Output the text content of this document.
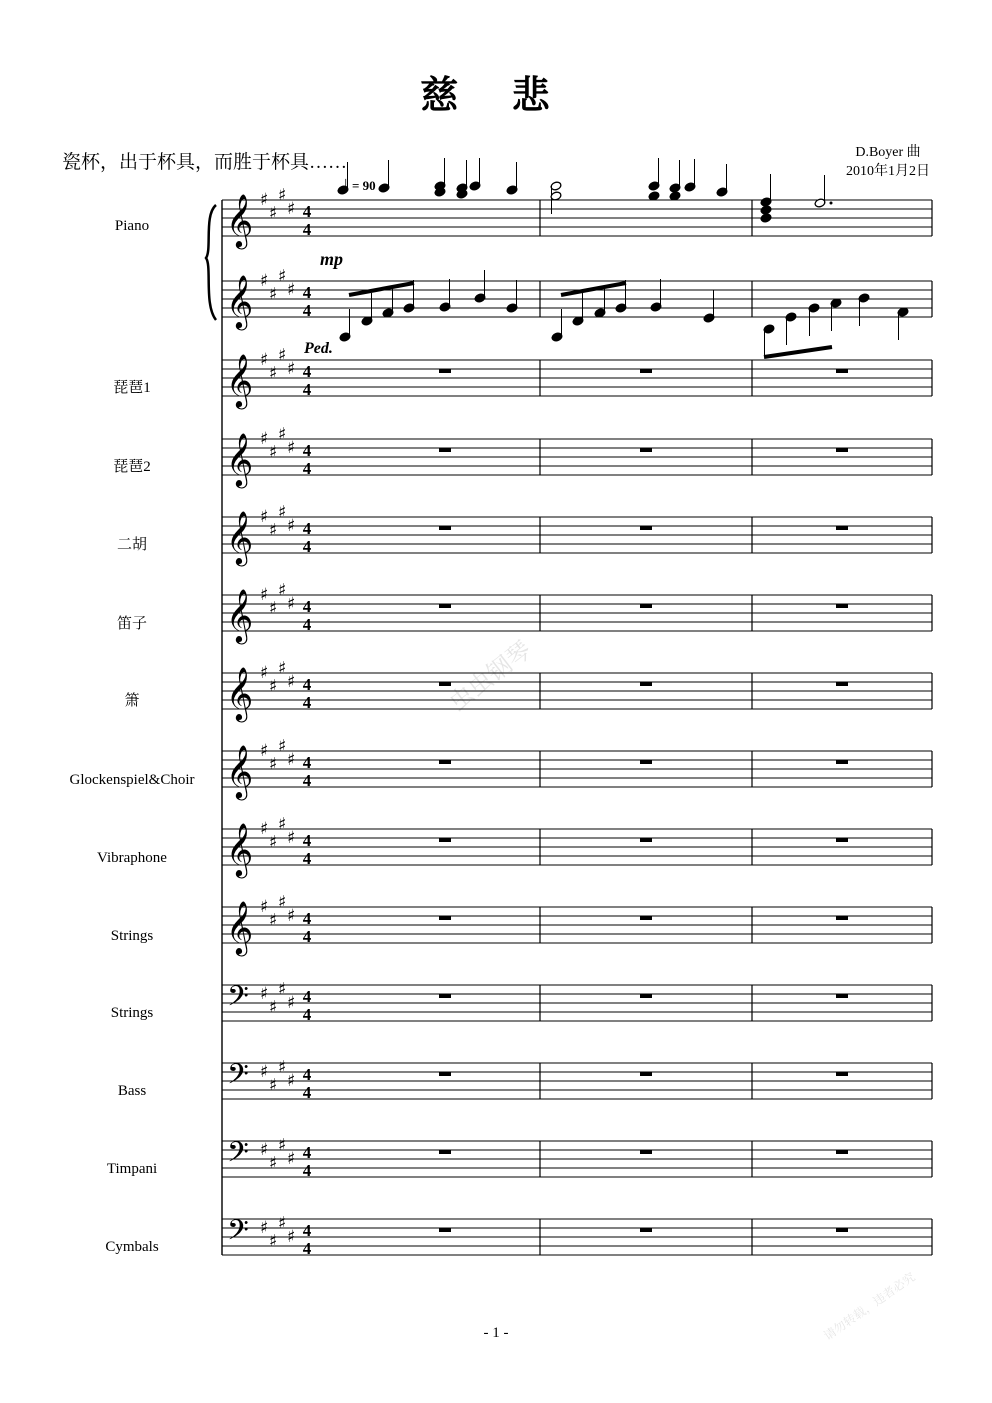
慈 悲
瓷杯，出于杯具，而胜于杯具……	D.Boyer 曲
2010年1月2日
𝄞 ♯
♯
♯
♯ 4
4
𝄞 ♯
♯
♯
♯ 4
4
𝄞 ♯
♯
♯
♯ 4
4
𝄞 ♯
♯
♯
♯ 4
4
𝄞 ♯
♯
♯
♯ 4
4
𝄞 ♯
♯
♯
♯ 4
4
𝄞 ♯
♯
♯
♯ 4
4
𝄞 ♯
♯
♯
♯ 4
4
𝄞 ♯
♯
♯
♯ 4
4
𝄞 ♯
♯
♯
♯ 4
4
𝄢 ♯
♯
♯
♯ 4
4
𝄢 ♯
♯
♯
♯ 4
4
𝄢 ♯
♯
♯
♯ 4
4
𝄢 ♯
♯
♯
♯ 4
4
Piano
琵琶1
琵琶2
二胡
笛子
箫
Glockenspiel&Choir
Vibraphone
Strings
Strings
Bass
Timpani
Cymbals
♩ = 90
mp
Ped.
虫虫钢琴
请勿转载，违者必究
- 1 -
